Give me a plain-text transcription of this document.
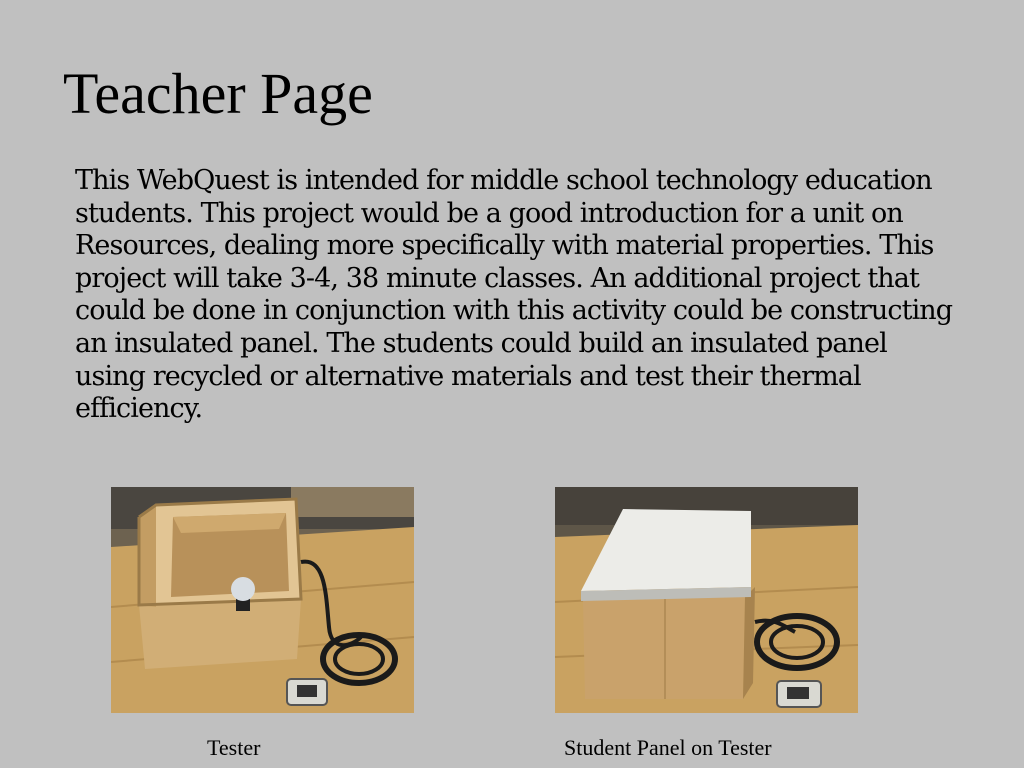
Teacher Page

This WebQuest is intended for middle school technology education students. This project would be a good introduction for a unit on Resources, dealing more specifically with material properties. This project will take 3-4, 38 minute classes. An additional project that could be done in conjunction with this activity could be constructing an insulated panel. The students could build an insulated panel using recycled or alternative materials and test their thermal efficiency.

Tester	Student Panel on Tester
